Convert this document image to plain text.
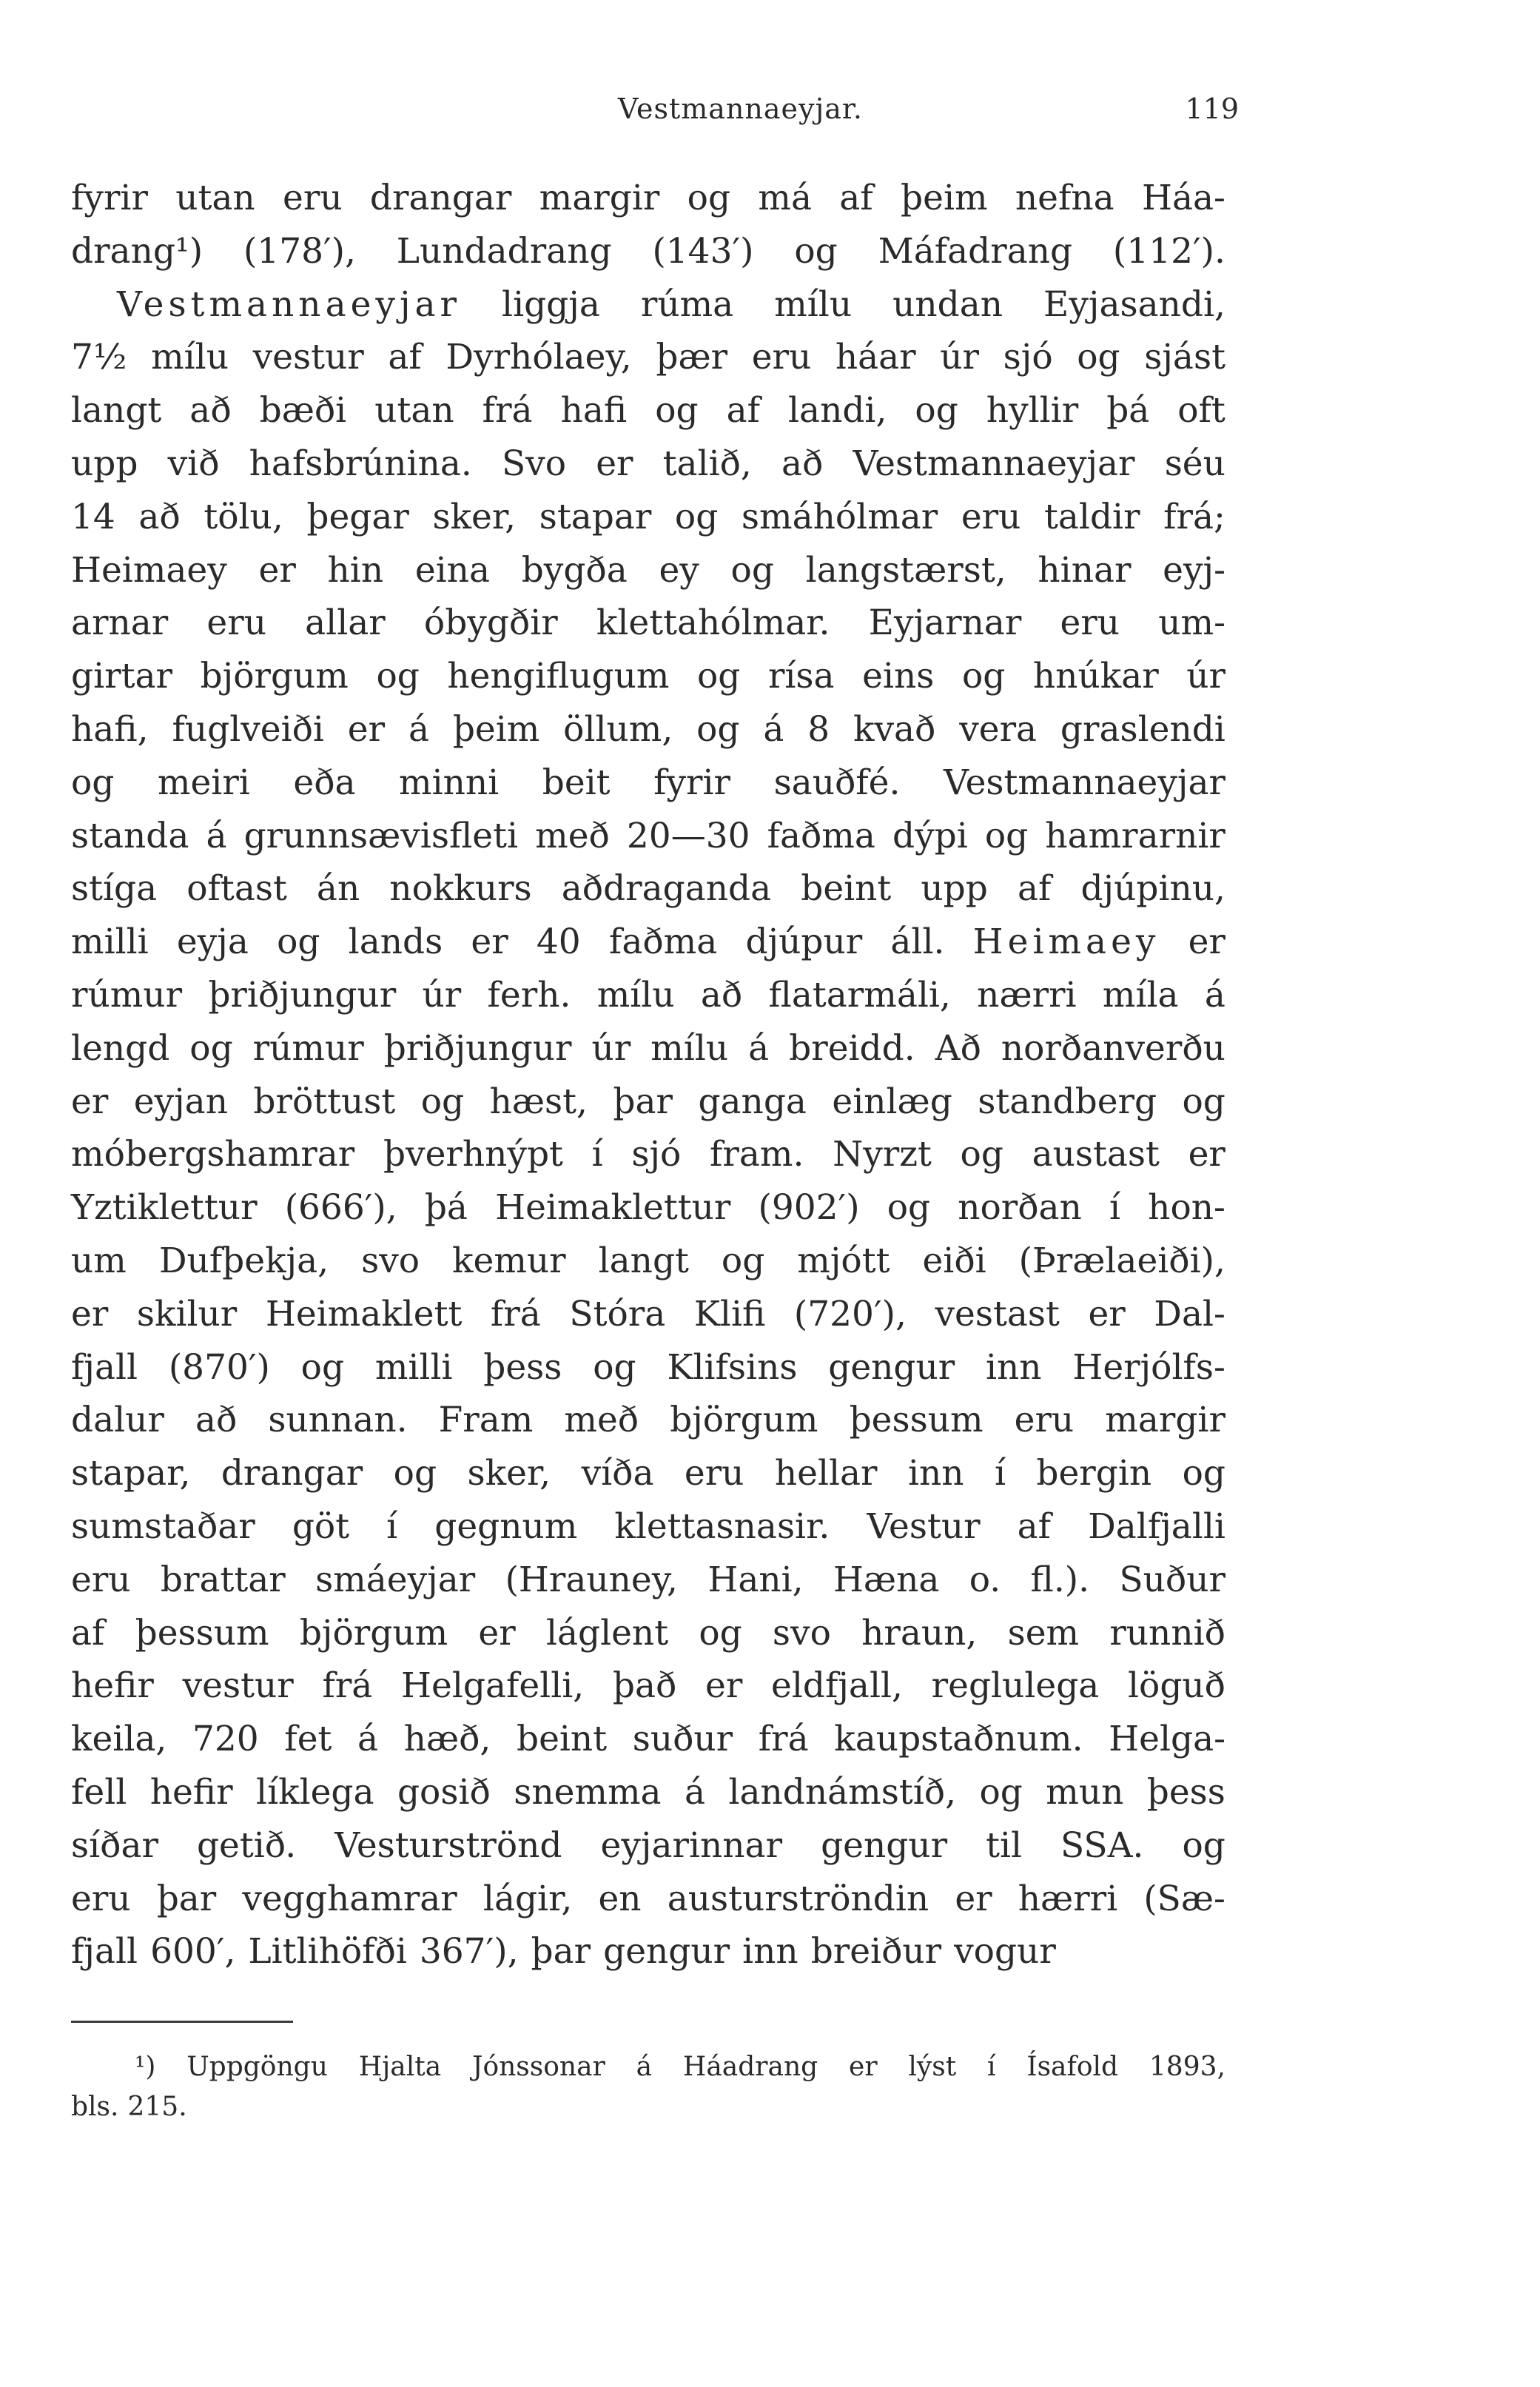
Vestmannaeyjar.	119
fyrir utan eru drangar margir og má af þeim nefna Háa-
drang¹) (178′), Lundadrang (143′) og Máfadrang (112′).
Vestmannaeyjar liggja rúma mílu undan Eyjasandi,
7½ mílu vestur af Dyrhólaey, þær eru háar úr sjó og sjást
langt að bæði utan frá hafi og af landi, og hyllir þá oft
upp við hafsbrúnina. Svo er talið, að Vestmannaeyjar séu
14 að tölu, þegar sker, stapar og smáhólmar eru taldir frá;
Heimaey er hin eina bygða ey og langstærst, hinar eyj-
arnar eru allar óbygðir klettahólmar. Eyjarnar eru um-
girtar björgum og hengiflugum og rísa eins og hnúkar úr
hafi, fuglveiði er á þeim öllum, og á 8 kvað vera graslendi
og meiri eða minni beit fyrir sauðfé. Vestmannaeyjar
standa á grunnsævisfleti með 20—30 faðma dýpi og hamrarnir
stíga oftast án nokkurs aðdraganda beint upp af djúpinu,
milli eyja og lands er 40 faðma djúpur áll. Heimaey er
rúmur þriðjungur úr ferh. mílu að flatarmáli, nærri míla á
lengd og rúmur þriðjungur úr mílu á breidd. Að norðanverðu
er eyjan bröttust og hæst, þar ganga einlæg standberg og
móbergshamrar þverhnýpt í sjó fram. Nyrzt og austast er
Yztiklettur (666′), þá Heimaklettur (902′) og norðan í hon-
um Dufþekja, svo kemur langt og mjótt eiði (Þrælaeiði),
er skilur Heimaklett frá Stóra Klifi (720′), vestast er Dal-
fjall (870′) og milli þess og Klifsins gengur inn Herjólfs-
dalur að sunnan. Fram með björgum þessum eru margir
stapar, drangar og sker, víða eru hellar inn í bergin og
sumstaðar göt í gegnum klettasnasir. Vestur af Dalfjalli
eru brattar smáeyjar (Hrauney, Hani, Hæna o. fl.). Suður
af þessum björgum er láglent og svo hraun, sem runnið
hefir vestur frá Helgafelli, það er eldfjall, reglulega löguð
keila, 720 fet á hæð, beint suður frá kaupstaðnum. Helga-
fell hefir líklega gosið snemma á landnámstíð, og mun þess
síðar getið. Vesturströnd eyjarinnar gengur til SSA. og
eru þar vegghamrar lágir, en austurströndin er hærri (Sæ-
fjall 600′, Litlihöfði 367′), þar gengur inn breiður vogur
¹) Uppgöngu Hjalta Jónssonar á Háadrang er lýst í Ísafold 1893,
bls. 215.
